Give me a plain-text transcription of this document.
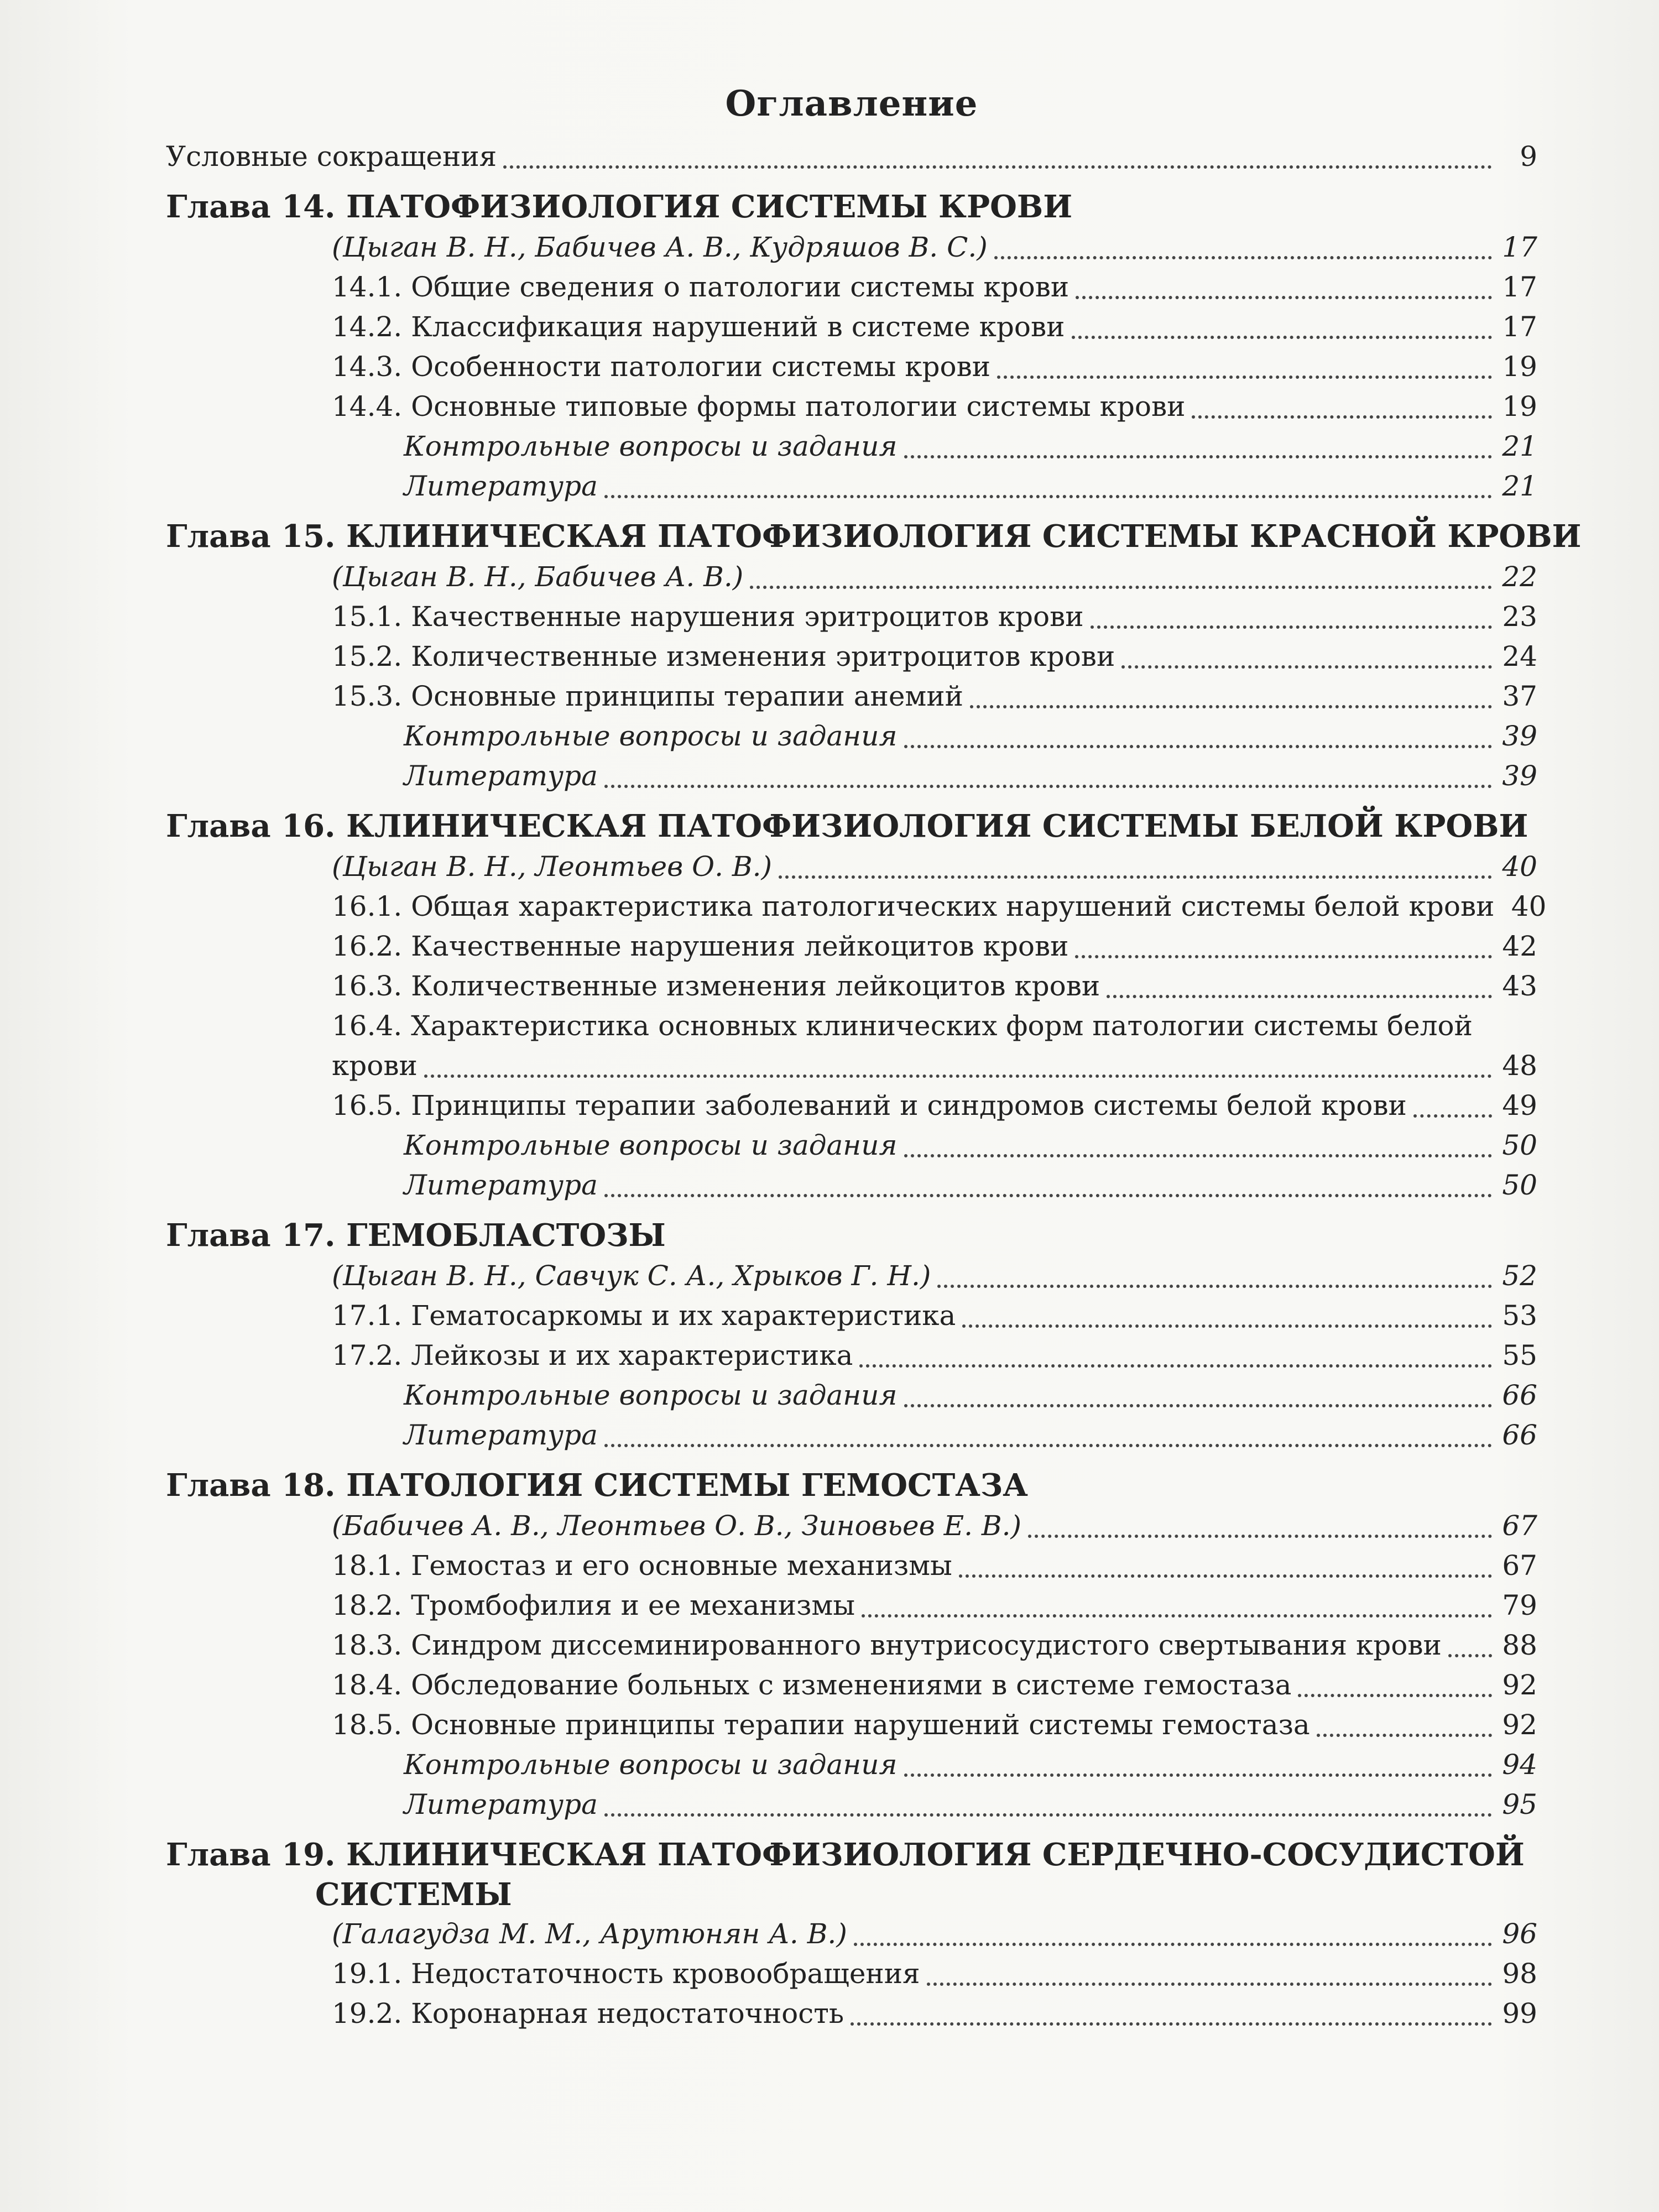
Оглавление
Условные сокращения	9
Глава 14. ПАТОФИЗИОЛОГИЯ СИСТЕМЫ КРОВИ
(Цыган В. Н., Бабичев А. В., Кудряшов В. С.)	17
14.1. Общие сведения о патологии системы крови	17
14.2. Классификация нарушений в системе крови	17
14.3. Особенности патологии системы крови	19
14.4. Основные типовые формы патологии системы крови	19
Контрольные вопросы и задания	21
Литература	21
Глава 15. КЛИНИЧЕСКАЯ ПАТОФИЗИОЛОГИЯ СИСТЕМЫ КРАСНОЙ КРОВИ
(Цыган В. Н., Бабичев А. В.)	22
15.1. Качественные нарушения эритроцитов крови	23
15.2. Количественные изменения эритроцитов крови	24
15.3. Основные принципы терапии анемий	37
Контрольные вопросы и задания	39
Литература	39
Глава 16. КЛИНИЧЕСКАЯ ПАТОФИЗИОЛОГИЯ СИСТЕМЫ БЕЛОЙ КРОВИ
(Цыган В. Н., Леонтьев О. В.)	40
16.1. Общая характеристика патологических нарушений системы белой крови 40
16.2. Качественные нарушения лейкоцитов крови	42
16.3. Количественные изменения лейкоцитов крови	43
16.4. Характеристика основных клинических форм патологии системы белой
крови	48
16.5. Принципы терапии заболеваний и синдромов системы белой крови	49
Контрольные вопросы и задания	50
Литература	50
Глава 17. ГЕМОБЛАСТОЗЫ
(Цыган В. Н., Савчук С. А., Хрыков Г. Н.)	52
17.1. Гематосаркомы и их характеристика	53
17.2. Лейкозы и их характеристика	55
Контрольные вопросы и задания	66
Литература	66
Глава 18. ПАТОЛОГИЯ СИСТЕМЫ ГЕМОСТАЗА
(Бабичев А. В., Леонтьев О. В., Зиновьев Е. В.)	67
18.1. Гемостаз и его основные механизмы	67
18.2. Тромбофилия и ее механизмы	79
18.3. Синдром диссеминированного внутрисосудистого свертывания крови 88
18.4. Обследование больных с изменениями в системе гемостаза	92
18.5. Основные принципы терапии нарушений системы гемостаза	92
Контрольные вопросы и задания	94
Литература	95
Глава 19. КЛИНИЧЕСКАЯ ПАТОФИЗИОЛОГИЯ СЕРДЕЧНО-СОСУДИСТОЙ
СИСТЕМЫ
(Галагудза М. М., Арутюнян А. В.)	96
19.1. Недостаточность кровообращения	98
19.2. Коронарная недостаточность	99
